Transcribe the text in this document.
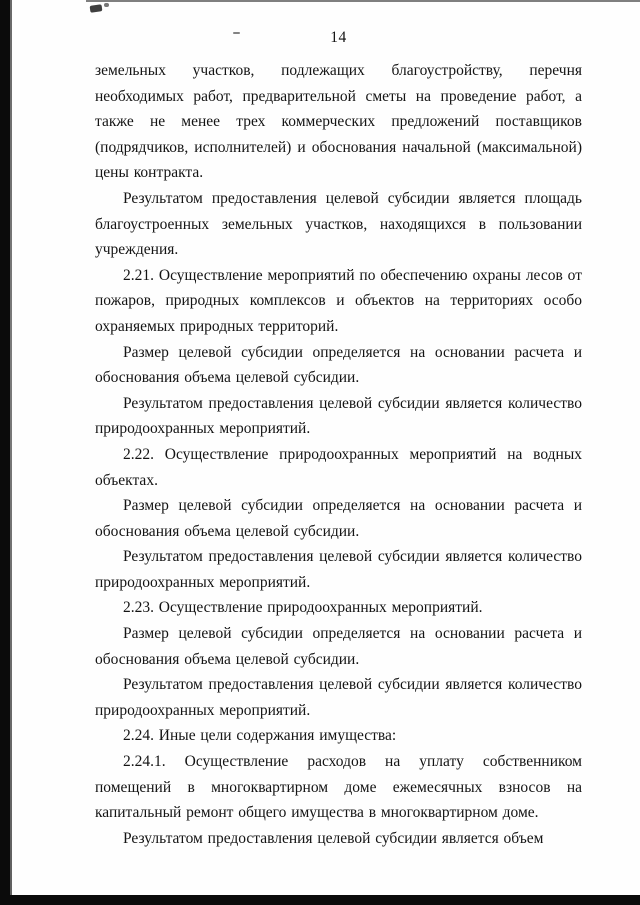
14

земельных участков, подлежащих благоустройству, перечня необходимых работ, предварительной сметы на проведение работ, а также не менее трех коммерческих предложений поставщиков (подрядчиков, исполнителей) и обоснования начальной (максимальной) цены контракта.

Результатом предоставления целевой субсидии является площадь благоустроенных земельных участков, находящихся в пользовании учреждения.

2.21. Осуществление мероприятий по обеспечению охраны лесов от пожаров, природных комплексов и объектов на территориях особо охраняемых природных территорий.

Размер целевой субсидии определяется на основании расчета и обоснования объема целевой субсидии.

Результатом предоставления целевой субсидии является количество природоохранных мероприятий.

2.22. Осуществление природоохранных мероприятий на водных объектах.

Размер целевой субсидии определяется на основании расчета и обоснования объема целевой субсидии.

Результатом предоставления целевой субсидии является количество природоохранных мероприятий.

2.23. Осуществление природоохранных мероприятий.

Размер целевой субсидии определяется на основании расчета и обоснования объема целевой субсидии.

Результатом предоставления целевой субсидии является количество природоохранных мероприятий.

2.24. Иные цели содержания имущества:

2.24.1. Осуществление расходов на уплату собственником помещений в многоквартирном доме ежемесячных взносов на капитальный ремонт общего имущества в многоквартирном доме.

Результатом предоставления целевой субсидии является объем
